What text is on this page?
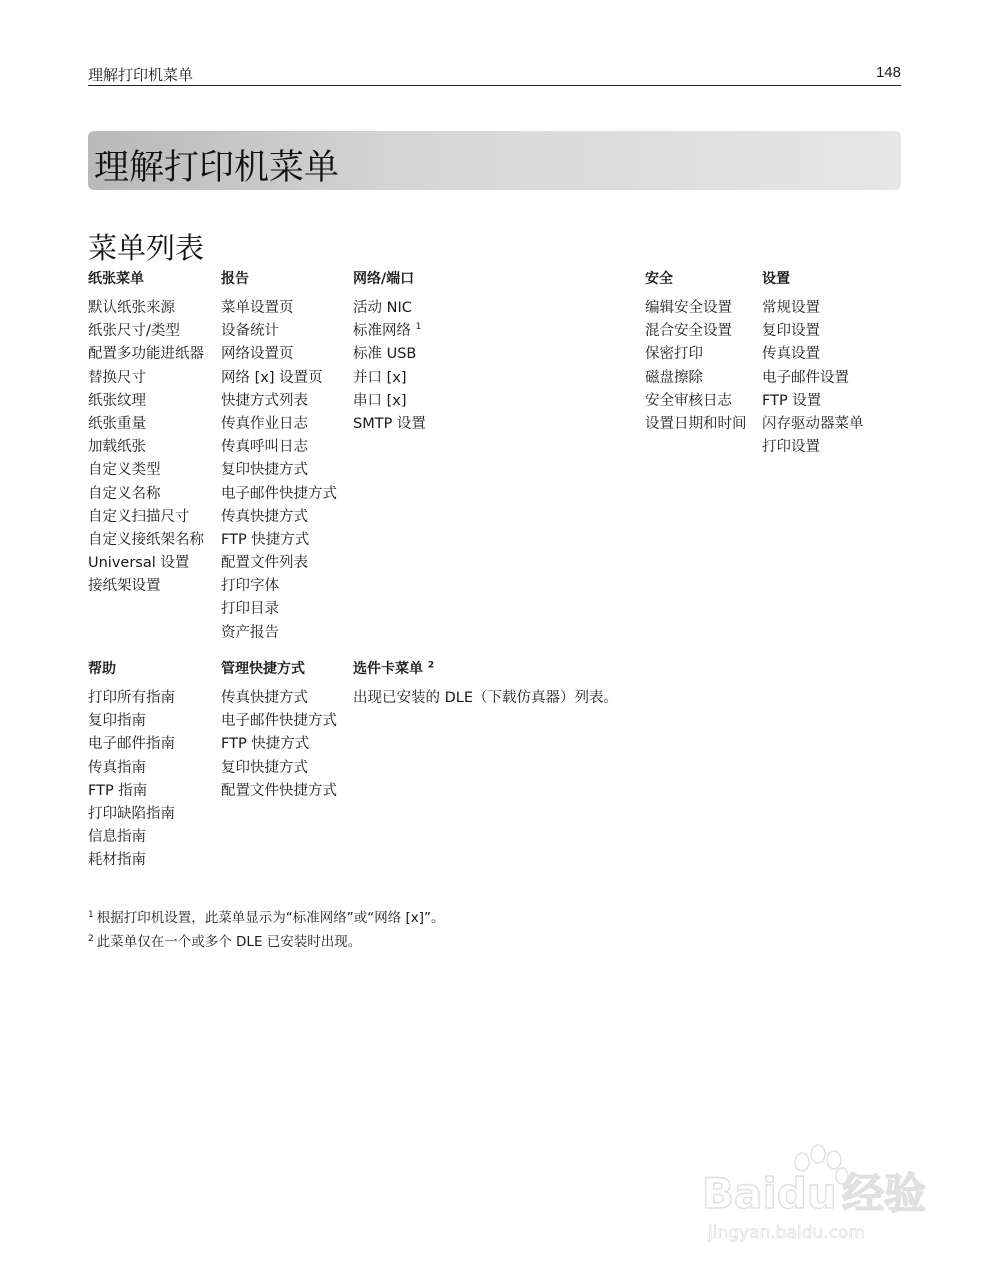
理解打印机菜单	148
理解打印机菜单
菜单列表
纸张菜单
默认纸张来源
纸张尺寸/类型
配置多功能进纸器
替换尺寸
纸张纹理
纸张重量
加载纸张
自定义类型
自定义名称
自定义扫描尺寸
自定义接纸架名称
Universal 设置
接纸架设置
报告
菜单设置页
设备统计
网络设置页
网络 [x] 设置页
快捷方式列表
传真作业日志
传真呼叫日志
复印快捷方式
电子邮件快捷方式
传真快捷方式
FTP 快捷方式
配置文件列表
打印字体
打印目录
资产报告
网络/端口
活动 NIC
标准网络 $^1$
标准 USB
并口 [x]
串口 [x]
SMTP 设置
安全
编辑安全设置
混合安全设置
保密打印
磁盘擦除
安全审核日志
设置日期和时间
设置
常规设置
复印设置
传真设置
电子邮件设置
FTP 设置
闪存驱动器菜单
打印设置
帮助
打印所有指南
复印指南
电子邮件指南
传真指南
FTP 指南
打印缺陷指南
信息指南
耗材指南
管理快捷方式
传真快捷方式
电子邮件快捷方式
FTP 快捷方式
复印快捷方式
配置文件快捷方式
选件卡菜单 $^2$
出现已安装的 DLE（下载仿真器）列表。
$^1$ 根据打印机设置，此菜单显示为“标准网络”或“网络 [x]”。
$^2$ 此菜单仅在一个或多个 DLE 已安装时出现。
Baidu 经验
jingyan.baidu.com
